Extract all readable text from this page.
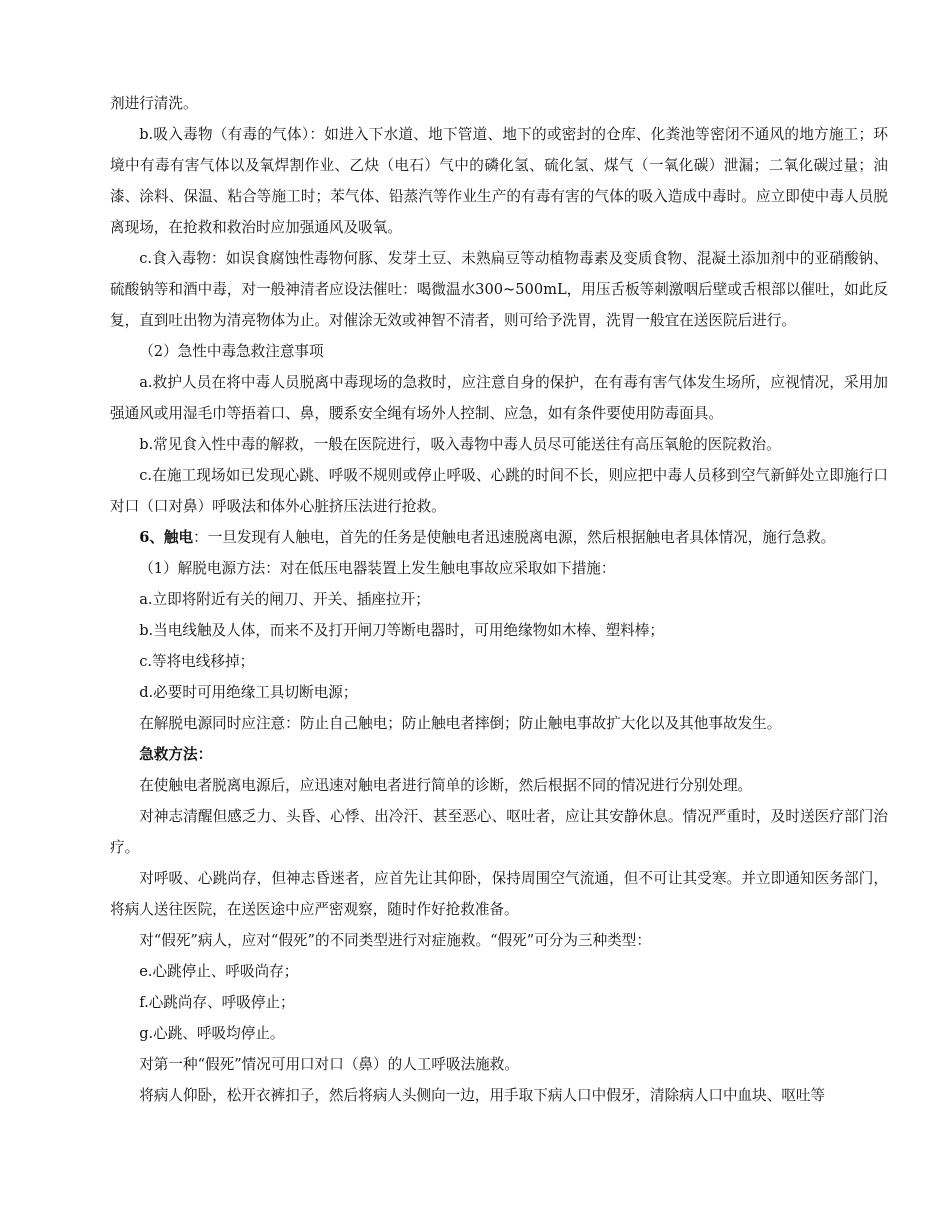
剂进行清洗。

b.吸入毒物（有毒的气体）：如进入下水道、地下管道、地下的或密封的仓库、化粪池等密闭不通风的地方施工；环境中有毒有害气体以及氧焊割作业、乙炔（电石）气中的磷化氢、硫化氢、煤气（一氧化碳）泄漏；二氧化碳过量；油漆、涂料、保温、粘合等施工时；苯气体、铅蒸汽等作业生产的有毒有害的气体的吸入造成中毒时。应立即使中毒人员脱离现场，在抢救和救治时应加强通风及吸氧。

c.食入毒物：如误食腐蚀性毒物何豚、发芽土豆、未熟扁豆等动植物毒素及变质食物、混凝土添加剂中的亚硝酸钠、硫酸钠等和酒中毒，对一般神清者应设法催吐：喝微温水300~500mL，用压舌板等刺激咽后壁或舌根部以催吐，如此反复，直到吐出物为清亮物体为止。对催涂无效或神智不清者，则可给予洗胃，洗胃一般宜在送医院后进行。

（2）急性中毒急救注意事项

a.救护人员在将中毒人员脱离中毒现场的急救时，应注意自身的保护，在有毒有害气体发生场所，应视情况，采用加强通风或用湿毛巾等捂着口、鼻，腰系安全绳有场外人控制、应急，如有条件要使用防毒面具。

b.常见食入性中毒的解救，一般在医院进行，吸入毒物中毒人员尽可能送往有高压氧舱的医院救治。

c.在施工现场如已发现心跳、呼吸不规则或停止呼吸、心跳的时间不长，则应把中毒人员移到空气新鲜处立即施行口对口（口对鼻）呼吸法和体外心脏挤压法进行抢救。

6、触电：一旦发现有人触电，首先的任务是使触电者迅速脱离电源，然后根据触电者具体情况，施行急救。

（1）解脱电源方法：对在低压电器装置上发生触电事故应采取如下措施：

a.立即将附近有关的闸刀、开关、插座拉开；

b.当电线触及人体，而来不及打开闸刀等断电器时，可用绝缘物如木棒、塑料棒；

c.等将电线移掉；

d.必要时可用绝缘工具切断电源；

在解脱电源同时应注意：防止自己触电；防止触电者摔倒；防止触电事故扩大化以及其他事故发生。

急救方法：

在使触电者脱离电源后，应迅速对触电者进行简单的诊断，然后根据不同的情况进行分别处理。

对神志清醒但感乏力、头昏、心悸、出冷汗、甚至恶心、呕吐者，应让其安静休息。情况严重时，及时送医疗部门治疗。

对呼吸、心跳尚存，但神志昏迷者，应首先让其仰卧，保持周围空气流通，但不可让其受寒。并立即通知医务部门，将病人送往医院，在送医途中应严密观察，随时作好抢救准备。

对“假死”病人，应对“假死”的不同类型进行对症施救。“假死”可分为三种类型：

e.心跳停止、呼吸尚存；

f.心跳尚存、呼吸停止；

g.心跳、呼吸均停止。

对第一种“假死”情况可用口对口（鼻）的人工呼吸法施救。

将病人仰卧，松开衣裤扣子，然后将病人头侧向一边，用手取下病人口中假牙，清除病人口中血块、呕吐等
